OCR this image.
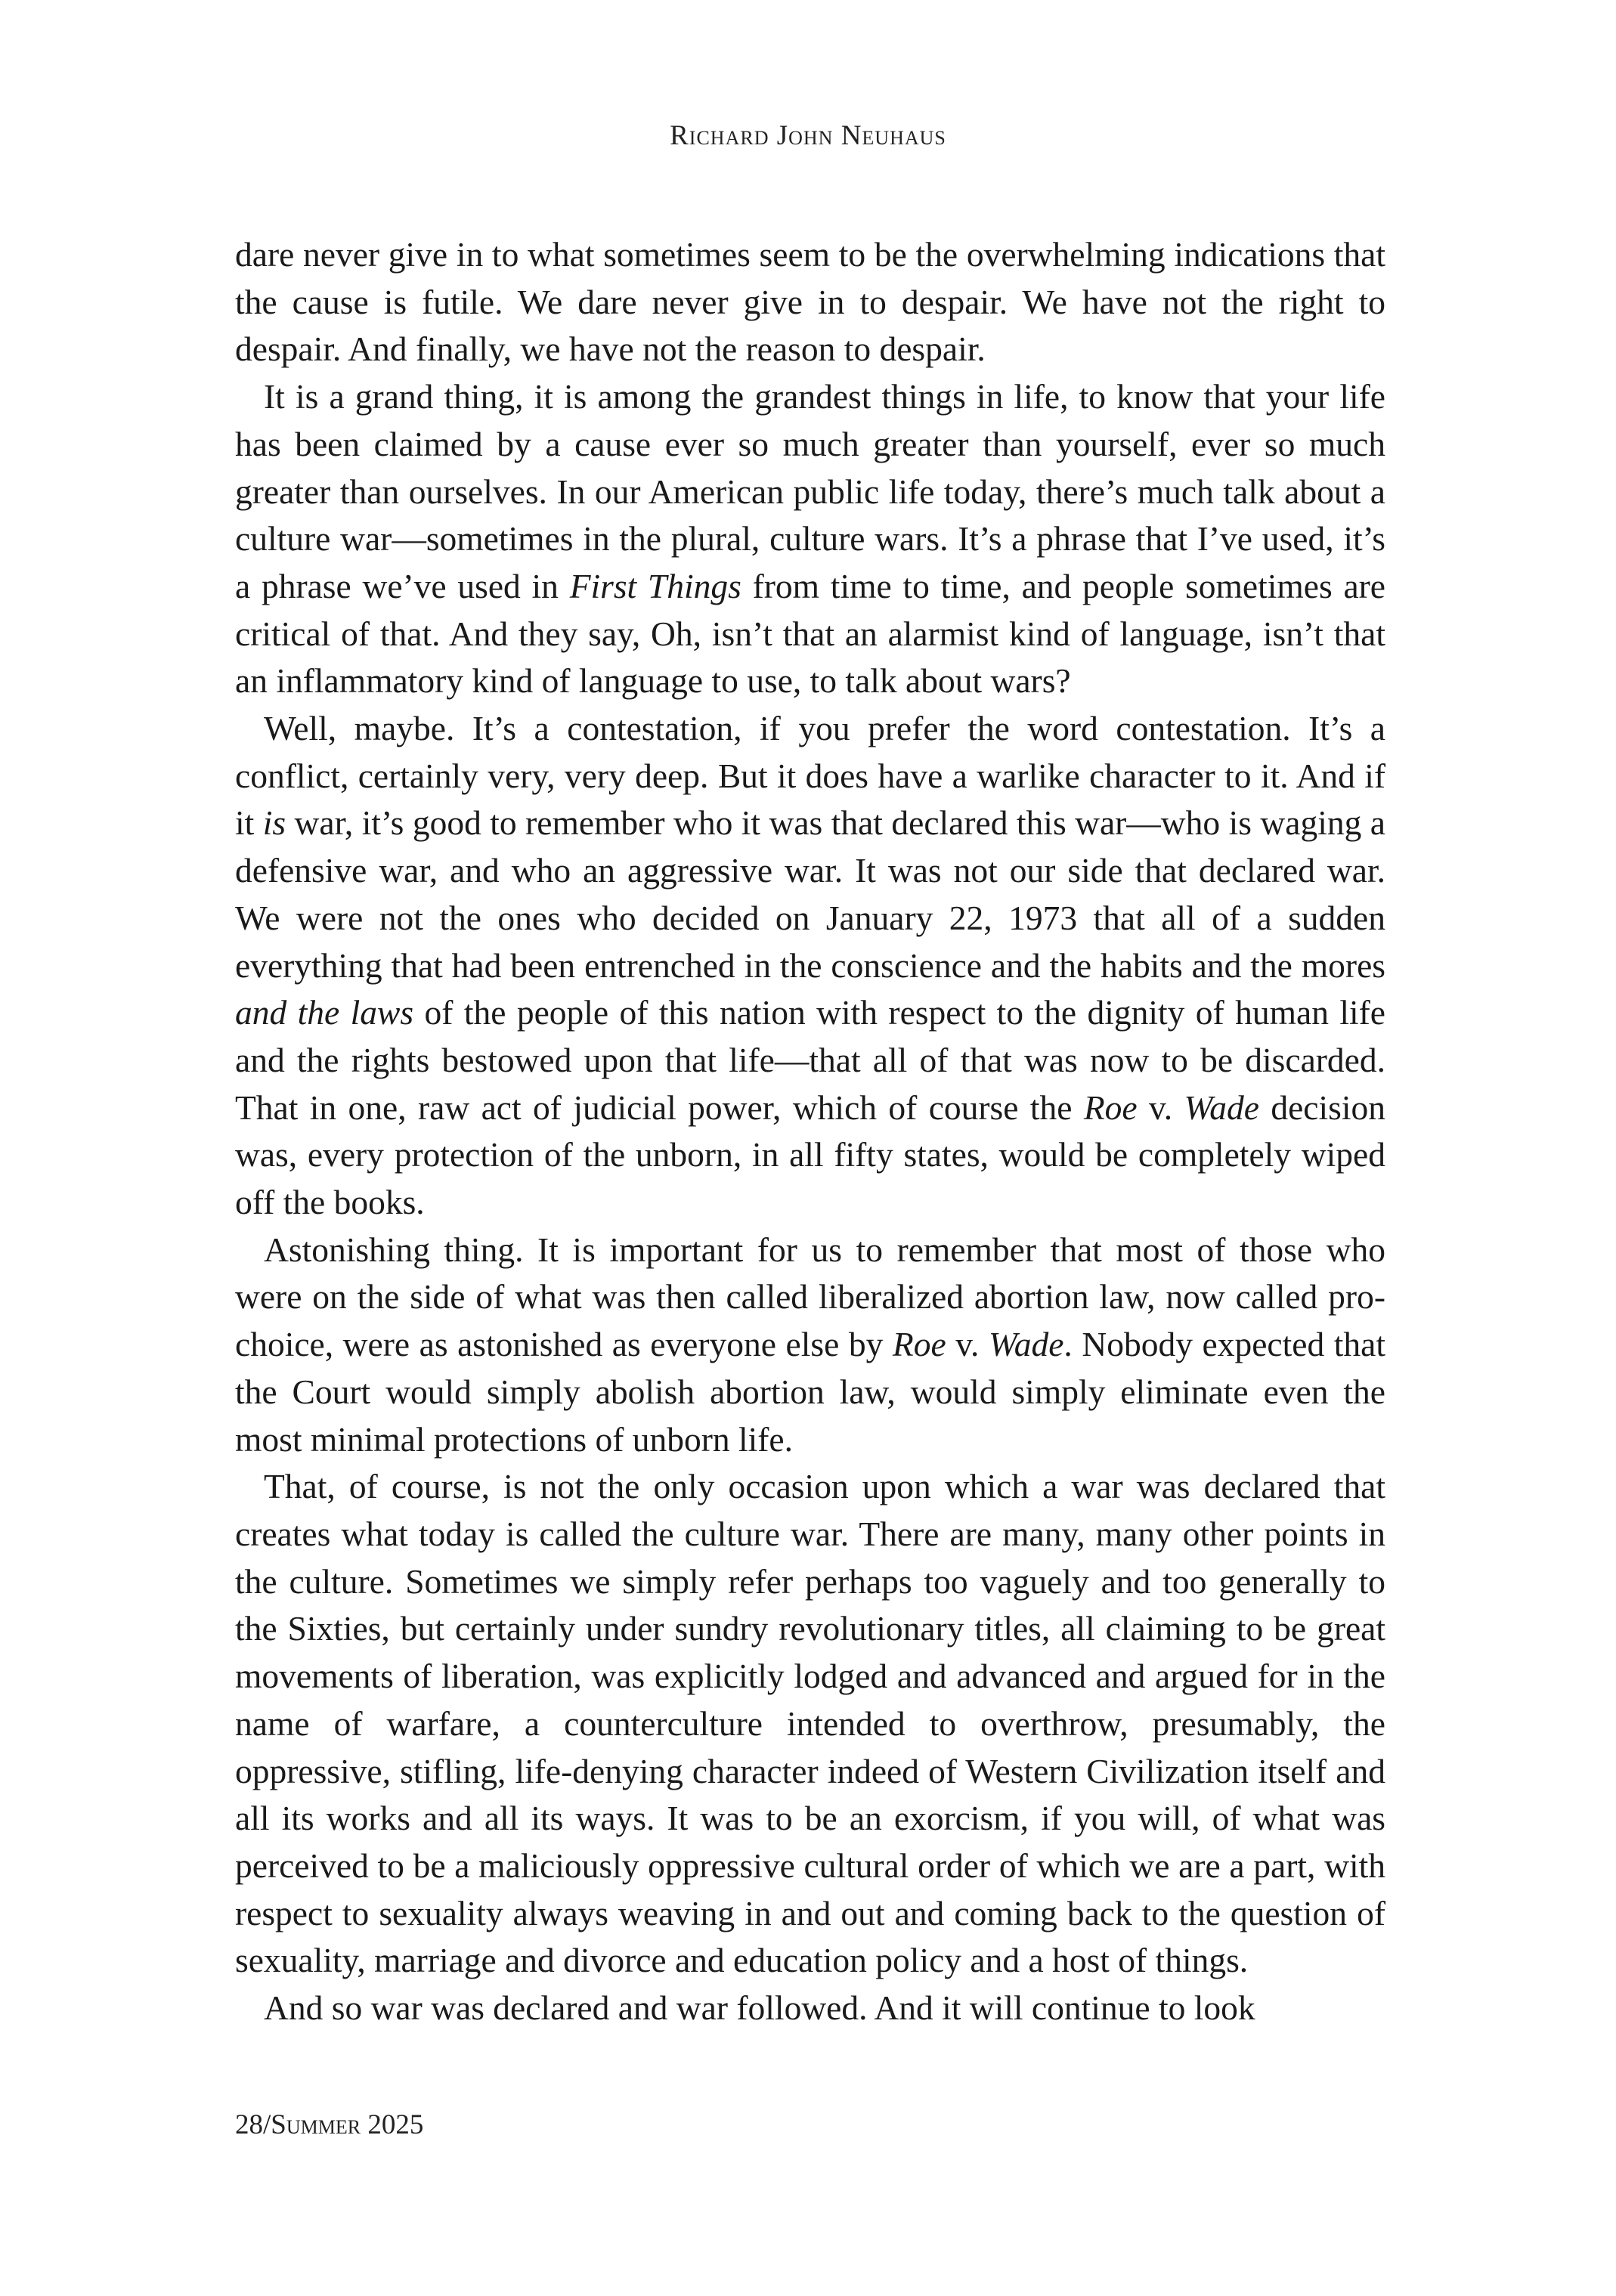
Richard John Neuhaus

dare never give in to what sometimes seem to be the overwhelming indications that the cause is futile. We dare never give in to despair. We have not the right to despair. And finally, we have not the reason to despair.

It is a grand thing, it is among the grandest things in life, to know that your life has been claimed by a cause ever so much greater than yourself, ever so much greater than ourselves. In our American public life today, there’s much talk about a culture war—sometimes in the plural, culture wars. It’s a phrase that I’ve used, it’s a phrase we’ve used in First Things from time to time, and people sometimes are critical of that. And they say, Oh, isn’t that an alarmist kind of language, isn’t that an inflammatory kind of language to use, to talk about wars?

Well, maybe. It’s a contestation, if you prefer the word contestation. It’s a conflict, certainly very, very deep. But it does have a warlike character to it. And if it is war, it’s good to remember who it was that declared this war—who is waging a defensive war, and who an aggressive war. It was not our side that declared war. We were not the ones who decided on January 22, 1973 that all of a sudden everything that had been entrenched in the conscience and the habits and the mores and the laws of the people of this nation with respect to the dignity of human life and the rights bestowed upon that life—that all of that was now to be discarded. That in one, raw act of judicial power, which of course the Roe v. Wade decision was, every protection of the unborn, in all fifty states, would be completely wiped off the books.

Astonishing thing. It is important for us to remember that most of those who were on the side of what was then called liberalized abortion law, now called pro-choice, were as astonished as everyone else by Roe v. Wade. Nobody expected that the Court would simply abolish abortion law, would simply eliminate even the most minimal protections of unborn life.

That, of course, is not the only occasion upon which a war was declared that creates what today is called the culture war. There are many, many other points in the culture. Sometimes we simply refer perhaps too vaguely and too generally to the Sixties, but certainly under sundry revolutionary titles, all claiming to be great movements of liberation, was explicitly lodged and advanced and argued for in the name of warfare, a counterculture intended to overthrow, presumably, the oppressive, stifling, life-denying character indeed of Western Civilization itself and all its works and all its ways. It was to be an exorcism, if you will, of what was perceived to be a maliciously oppressive cultural order of which we are a part, with respect to sexuality always weaving in and out and coming back to the question of sexuality, marriage and divorce and education policy and a host of things.

And so war was declared and war followed. And it will continue to look

28/Summer 2025
